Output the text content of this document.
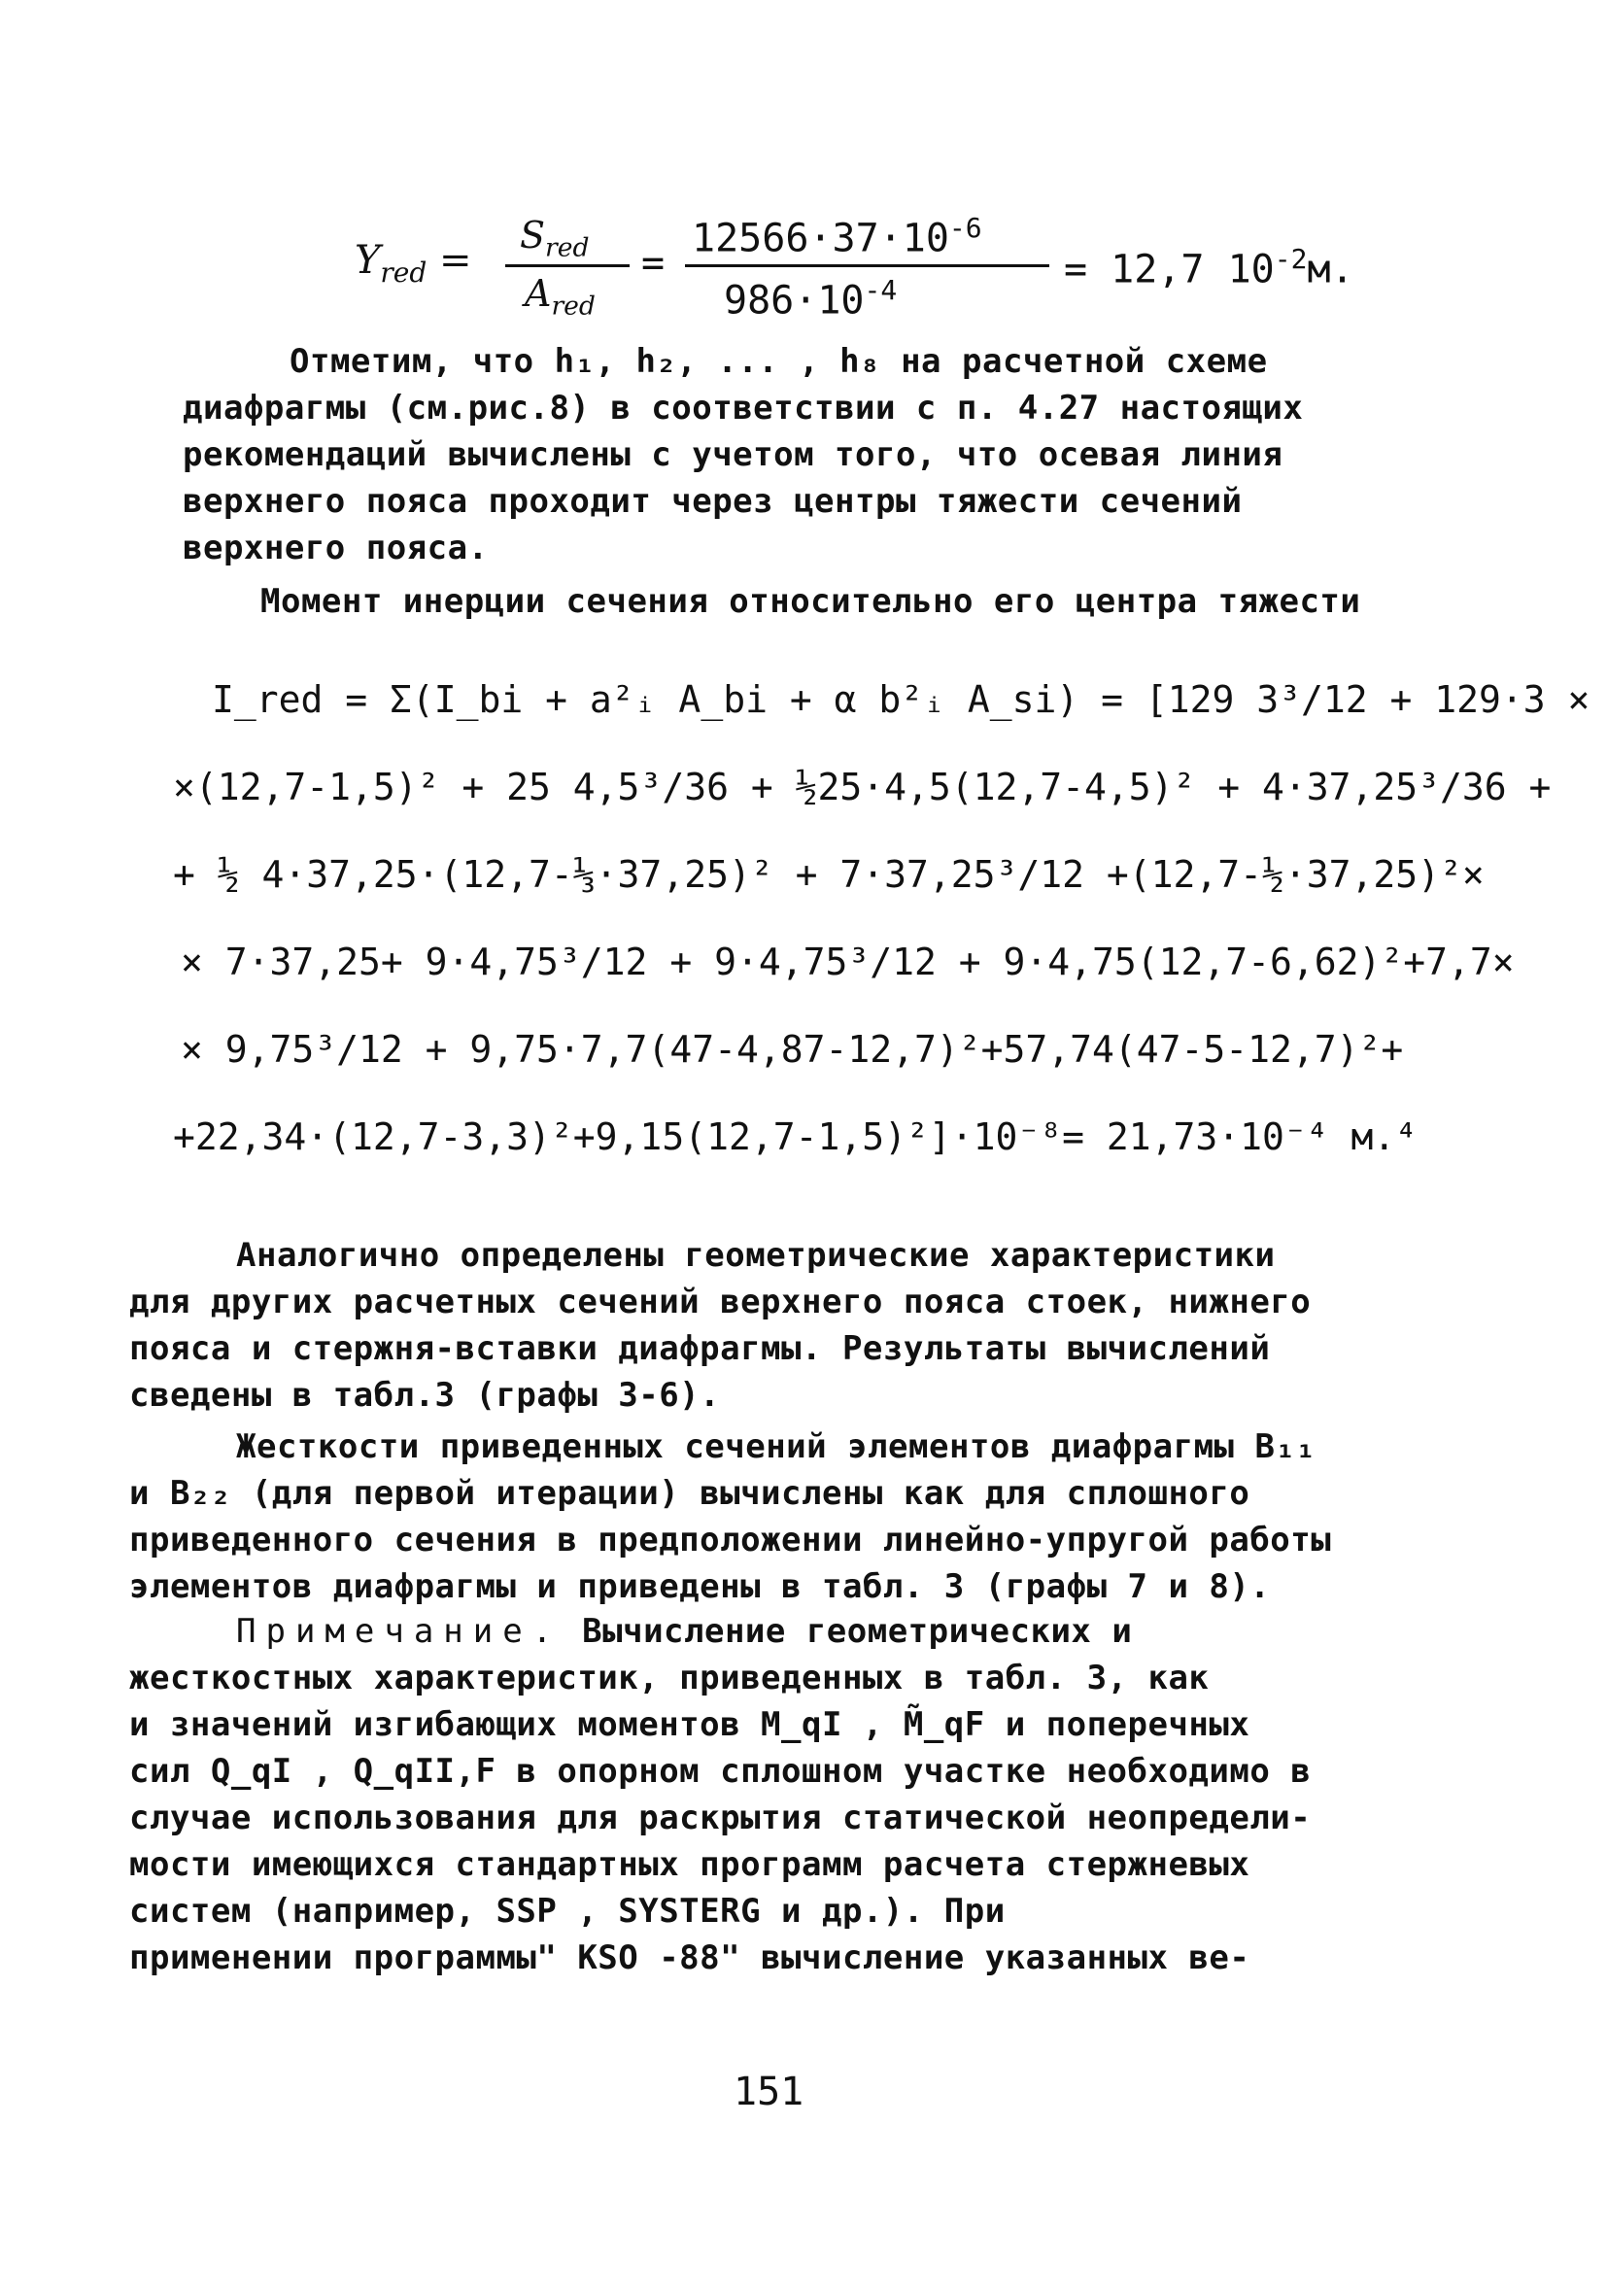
$Y_{red}$ =
$S_{red}$
$A_{red}$
=
$12566\cdot 37\cdot 10^{-6}$
$986\cdot 10^{-4}$	= 12,7 $10^{-2}м$.

Отметим, что h₁, h₂, ... , h₈ на расчетной схеме

диафрагмы (см.рис.8) в соответствии с п. 4.27 настоящих

рекомендаций вычислены с учетом того, что осевая линия

верхнего пояса проходит через центры тяжести сечений

верхнего пояса.

Момент инерции сечения относительно его центра тяжести

I_red = Σ(I_bi + a²ᵢ A_bi + α b²ᵢ A_si) = [129 3³/12 + 129·3 ×

×(12,7-1,5)² + 25 4,5³/36 + ½25·4,5(12,7-4,5)² + 4·37,25³/36 +

+ ½ 4·37,25·(12,7-⅓·37,25)² + 7·37,25³/12 +(12,7-½·37,25)²×

× 7·37,25+ 9·4,75³/12 + 9·4,75³/12 + 9·4,75(12,7-6,62)²+7,7×

× 9,75³/12 + 9,75·7,7(47-4,87-12,7)²+57,74(47-5-12,7)²+

+22,34·(12,7-3,3)²+9,15(12,7-1,5)²]·10⁻⁸= 21,73·10⁻⁴ м.⁴

Аналогично определены геометрические характеристики

для других расчетных сечений верхнего пояса стоек, нижнего

пояса и стержня-вставки диафрагмы. Результаты вычислений

сведены в табл.3 (графы 3-6).

Жесткости приведенных сечений элементов диафрагмы B₁₁

и B₂₂ (для первой итерации) вычислены как для сплошного

приведенного сечения в предположении линейно-упругой работы

элементов диафрагмы и приведены в табл. 3 (графы 7 и 8).

Примечание. Вычисление геометрических и

жесткостных характеристик, приведенных в табл. 3, как

и значений изгибающих моментов M_qI , M̃_qF и поперечных

сил Q_qI , Q_qII,F в опорном сплошном участке необходимо в

случае использования для раскрытия статической неопредели-

мости имеющихся стандартных программ расчета стержневых

систем (например, SSP , SYSTERG и др.). При

применении программы" KSO -88" вычисление указанных ве-

151
